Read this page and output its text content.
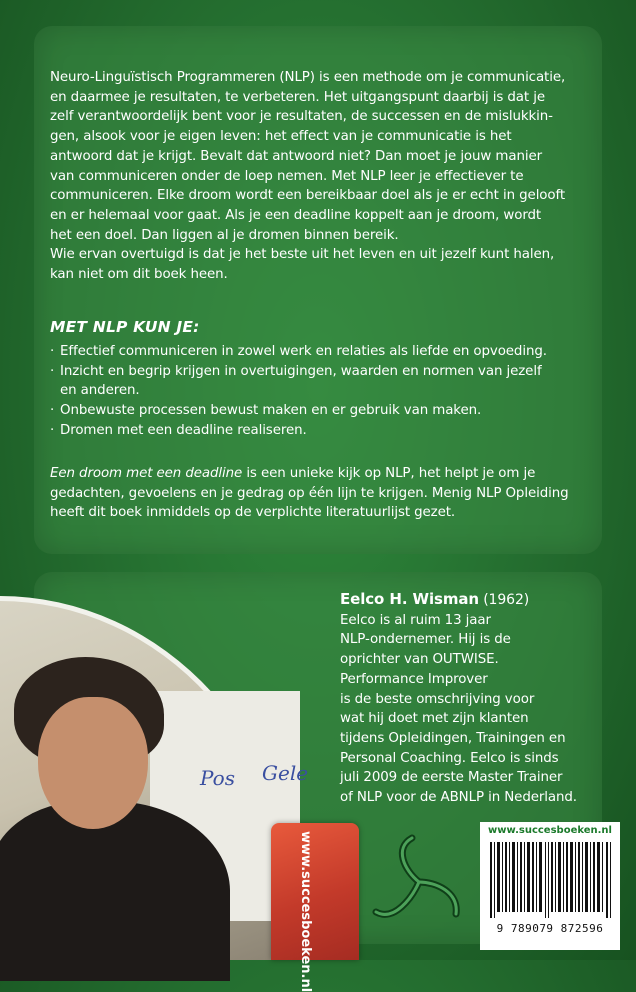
Neuro-Linguïstisch Programmeren (NLP) is een methode om je communicatie,

en daarmee je resultaten, te verbeteren. Het uitgangspunt daarbij is dat je

zelf verantwoordelijk bent voor je resultaten, de successen en de mislukkin-

gen, alsook voor je eigen leven: het effect van je communicatie is het

antwoord dat je krijgt. Bevalt dat antwoord niet? Dan moet je jouw manier

van communiceren onder de loep nemen. Met NLP leer je effectiever te

communiceren. Elke droom wordt een bereikbaar doel als je er echt in gelooft

en er helemaal voor gaat. Als je een deadline koppelt aan je droom, wordt

het een doel. Dan liggen al je dromen binnen bereik.

Wie ervan overtuigd is dat je het beste uit het leven en uit jezelf kunt halen,

kan niet om dit boek heen.

MET NLP KUN JE:
· Effectief communiceren in zowel werk en relaties als liefde en opvoeding.
· Inzicht en begrip krijgen in overtuigingen, waarden en normen van jezelf
en anderen.
· Onbewuste processen bewust maken en er gebruik van maken.
· Dromen met een deadline realiseren.

Een droom met een deadline is een unieke kijk op NLP, het helpt je om je

gedachten, gevoelens en je gedrag op één lijn te krijgen. Menig NLP Opleiding

heeft dit boek inmiddels op de verplichte literatuurlijst gezet.

Pos Gele
Eelco H. Wisman (1962)
Eelco is al ruim 13 jaar
NLP-ondernemer. Hij is de
oprichter van OUTWISE.
Performance Improver
is de beste omschrijving voor
wat hij doet met zijn klanten
tijdens Opleidingen, Trainingen en
Personal Coaching. Eelco is sinds
juli 2009 de eerste Master Trainer
of NLP voor de ABNLP in Nederland.
www.succesboeken.nl
www.succesboeken.nl
9 789079 872596
